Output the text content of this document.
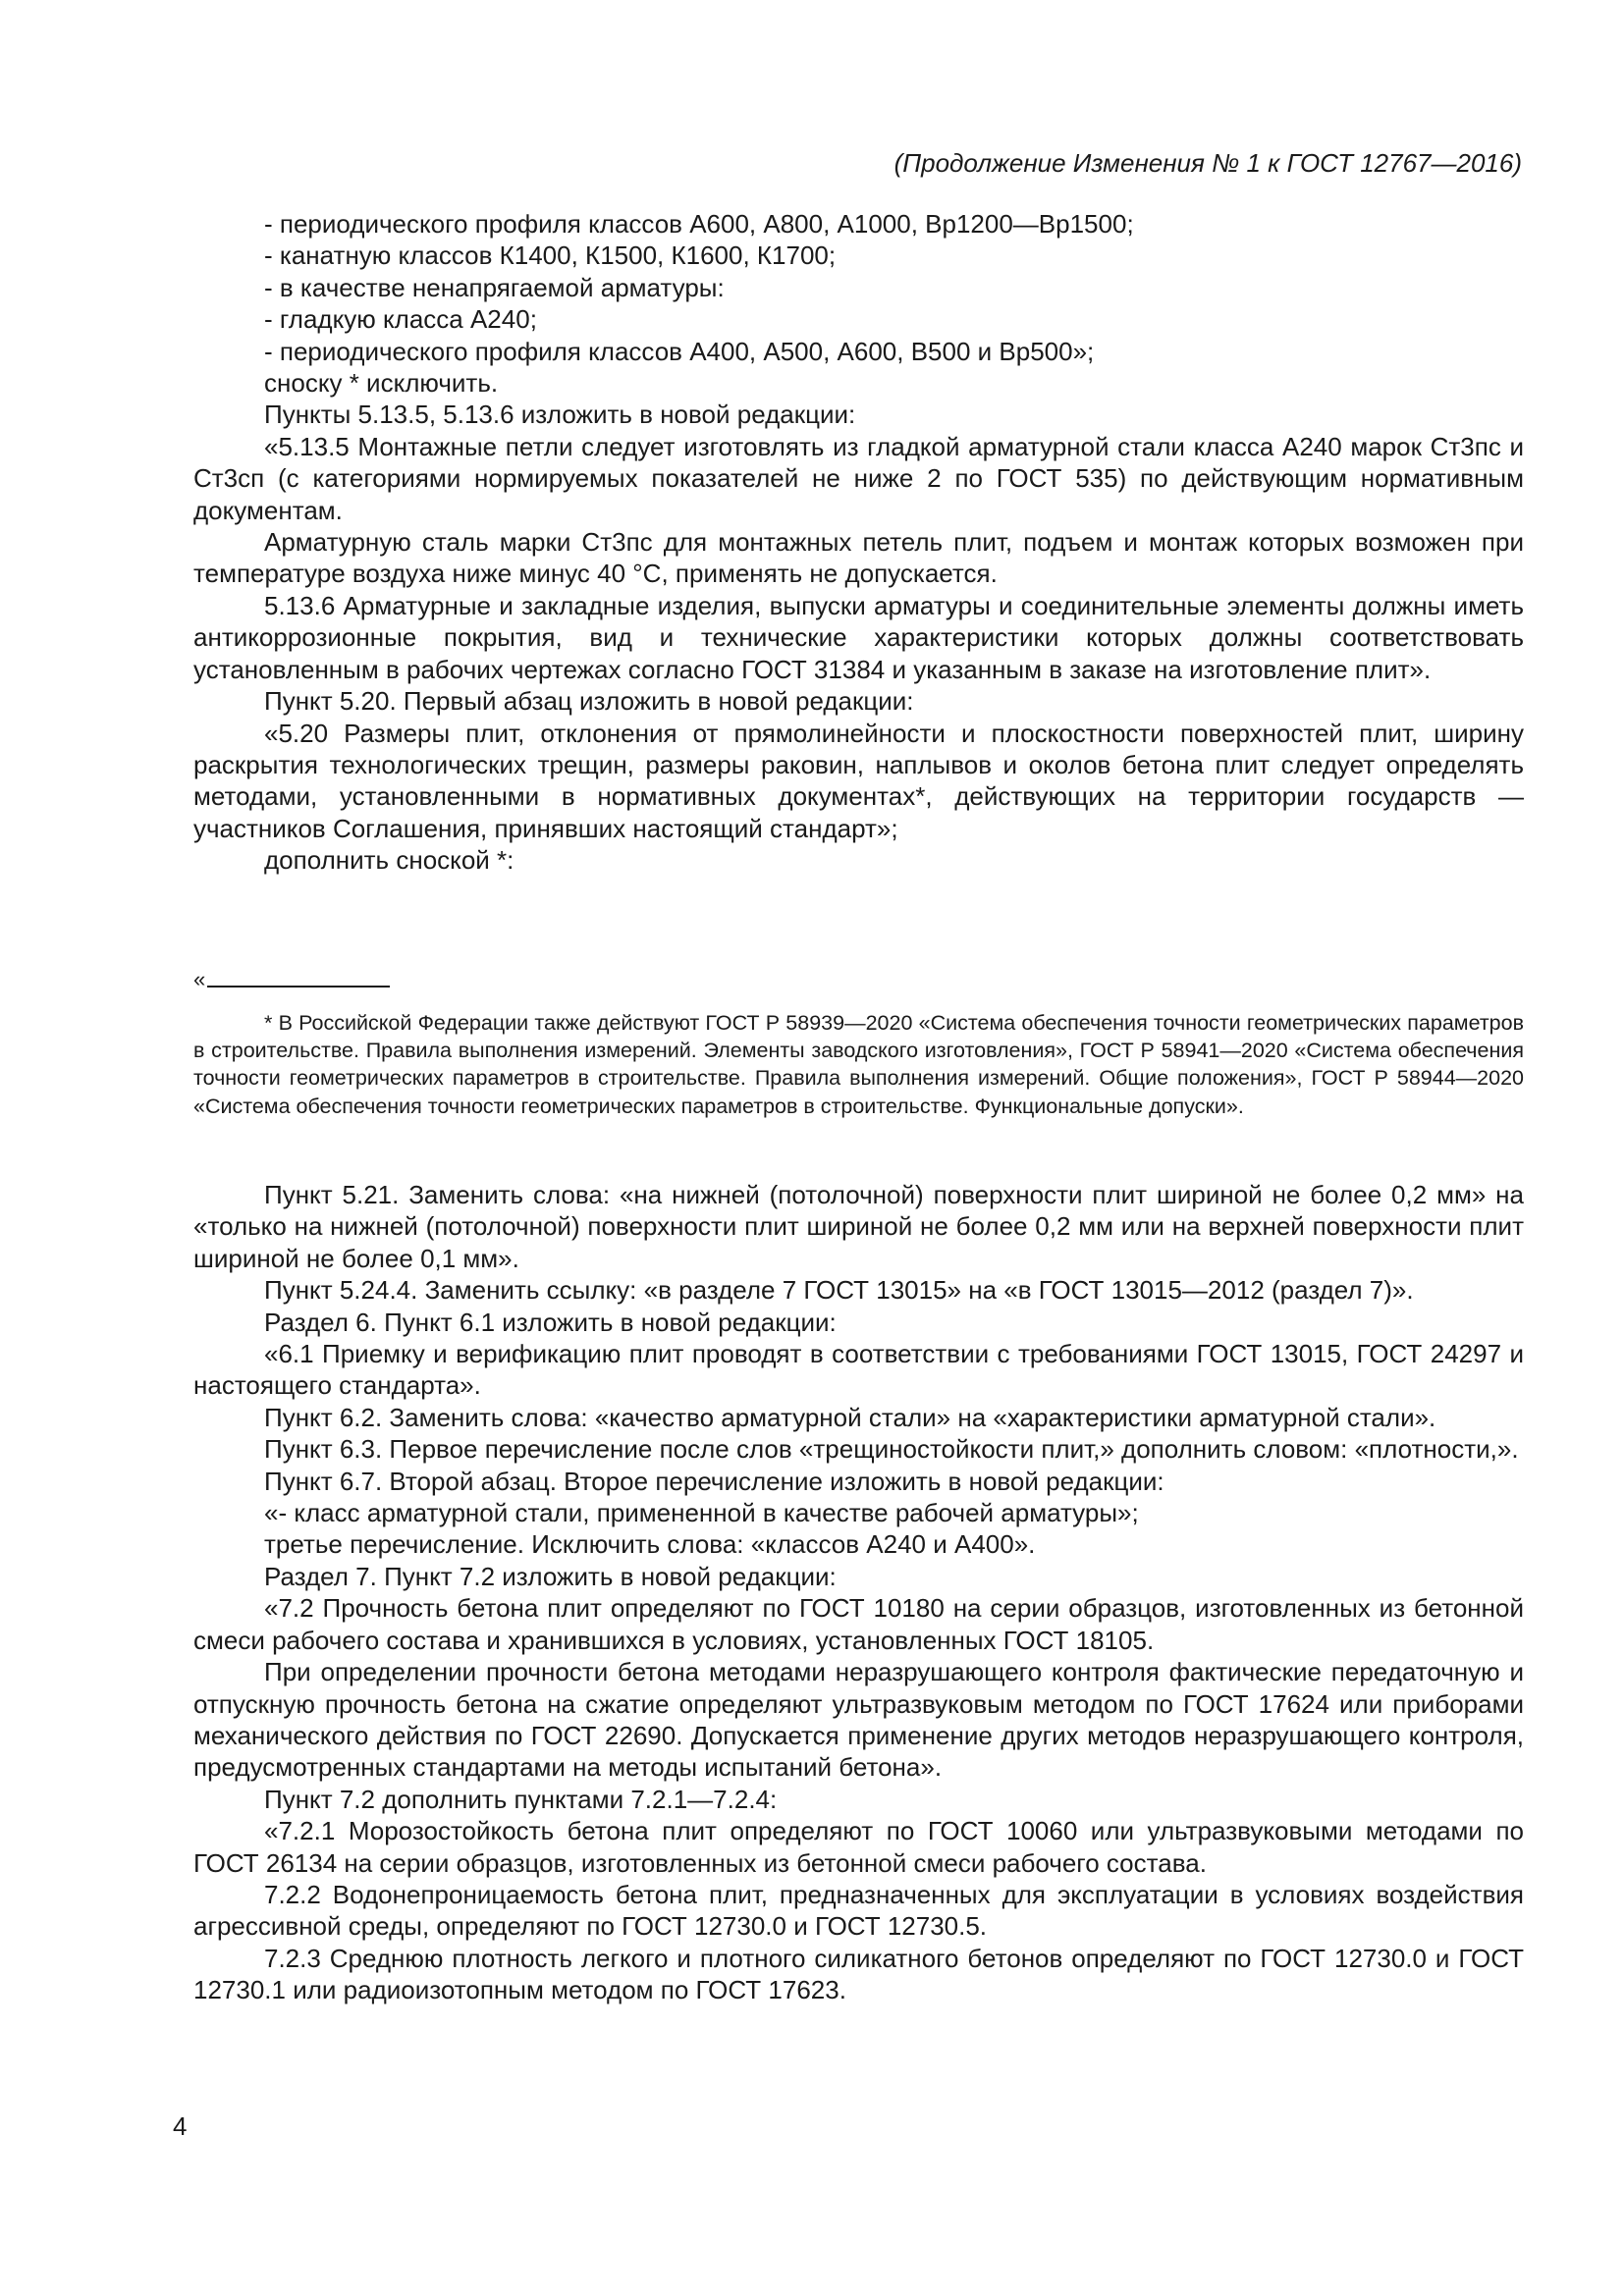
(Продолжение Изменения № 1 к ГОСТ 12767—2016)

- периодического профиля классов А600, А800, А1000, Вр1200—Вр1500;

- канатную классов К1400, К1500, К1600, К1700;

- в качестве ненапрягаемой арматуры:

- гладкую класса А240;

- периодического профиля классов А400, А500, А600, В500 и Вр500»;

сноску * исключить.

Пункты 5.13.5, 5.13.6 изложить в новой редакции:

«5.13.5 Монтажные петли следует изготовлять из гладкой арматурной стали класса А240 марок Ст3пс и Ст3сп (с категориями нормируемых показателей не ниже 2 по ГОСТ 535) по действующим нормативным документам.

Арматурную сталь марки Ст3пс для монтажных петель плит, подъем и монтаж которых возможен при температуре воздуха ниже минус 40 °С, применять не допускается.

5.13.6 Арматурные и закладные изделия, выпуски арматуры и соединительные элементы должны иметь антикоррозионные покрытия, вид и технические характеристики которых должны соответствовать установленным в рабочих чертежах согласно ГОСТ 31384 и указанным в заказе на изготовление плит».

Пункт 5.20. Первый абзац изложить в новой редакции:

«5.20 Размеры плит, отклонения от прямолинейности и плоскостности поверхностей плит, ширину раскрытия технологических трещин, размеры раковин, наплывов и околов бетона плит следует определять методами, установленными в нормативных документах*, действующих на территории государств — участников Соглашения, принявших настоящий стандарт»;

дополнить сноской *:

«

* В Российской Федерации также действуют ГОСТ Р 58939—2020 «Система обеспечения точности геометрических параметров в строительстве. Правила выполнения измерений. Элементы заводского изготовления», ГОСТ Р 58941—2020 «Система обеспечения точности геометрических параметров в строительстве. Правила выполнения измерений. Общие положения», ГОСТ Р 58944—2020 «Система обеспечения точности геометрических параметров в строительстве. Функциональные допуски».

Пункт 5.21. Заменить слова: «на нижней (потолочной) поверхности плит шириной не более 0,2 мм» на «только на нижней (потолочной) поверхности плит шириной не более 0,2 мм или на верхней поверхности плит шириной не более 0,1 мм».

Пункт 5.24.4. Заменить ссылку: «в разделе 7 ГОСТ 13015» на «в ГОСТ 13015—2012 (раздел 7)».

Раздел 6. Пункт 6.1 изложить в новой редакции:

«6.1 Приемку и верификацию плит проводят в соответствии с требованиями ГОСТ 13015, ГОСТ 24297 и настоящего стандарта».

Пункт 6.2. Заменить слова: «качество арматурной стали» на «характеристики арматурной стали».

Пункт 6.3. Первое перечисление после слов «трещиностойкости плит,» дополнить словом: «плотности,».

Пункт 6.7. Второй абзац. Второе перечисление изложить в новой редакции:

«- класс арматурной стали, примененной в качестве рабочей арматуры»;

третье перечисление. Исключить слова: «классов А240 и А400».

Раздел 7. Пункт 7.2 изложить в новой редакции:

«7.2 Прочность бетона плит определяют по ГОСТ 10180 на серии образцов, изготовленных из бетонной смеси рабочего состава и хранившихся в условиях, установленных ГОСТ 18105.

При определении прочности бетона методами неразрушающего контроля фактические передаточную и отпускную прочность бетона на сжатие определяют ультразвуковым методом по ГОСТ 17624 или приборами механического действия по ГОСТ 22690. Допускается применение других методов неразрушающего контроля, предусмотренных стандартами на методы испытаний бетона».

Пункт 7.2 дополнить пунктами 7.2.1—7.2.4:

«7.2.1 Морозостойкость бетона плит определяют по ГОСТ 10060 или ультразвуковыми методами по ГОСТ 26134 на серии образцов, изготовленных из бетонной смеси рабочего состава.

7.2.2 Водонепроницаемость бетона плит, предназначенных для эксплуатации в условиях воздействия агрессивной среды, определяют по ГОСТ 12730.0 и ГОСТ 12730.5.

7.2.3 Среднюю плотность легкого и плотного силикатного бетонов определяют по ГОСТ 12730.0 и ГОСТ 12730.1 или радиоизотопным методом по ГОСТ 17623.

4
